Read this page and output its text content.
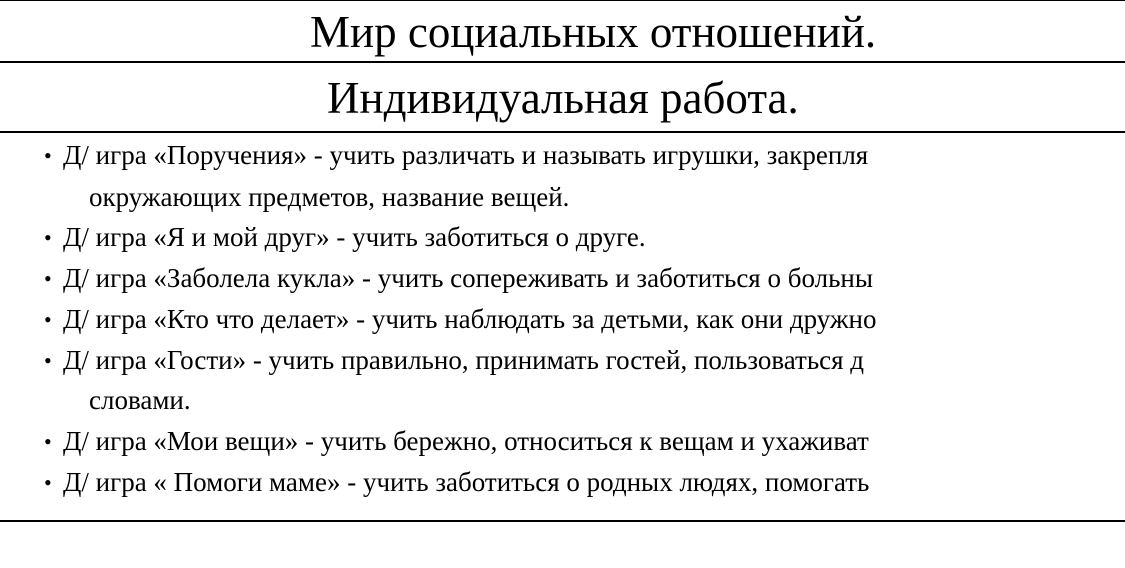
Мир социальных отношений.
Индивидуальная работа.
• Д/ игра «Поручения» - учить различать и называть игрушки, закрепля
окружающих предметов, название вещей.
• Д/ игра «Я и мой друг» - учить заботиться о друге.
• Д/ игра «Заболела кукла» - учить сопереживать и заботиться о больны
• Д/ игра «Кто что делает» - учить наблюдать за детьми, как они дружно
• Д/ игра «Гости» - учить правильно, принимать гостей, пользоваться д
словами.
• Д/ игра «Мои вещи» - учить бережно, относиться к вещам и ухаживат
• Д/ игра « Помоги маме» - учить заботиться о родных людях, помогать
